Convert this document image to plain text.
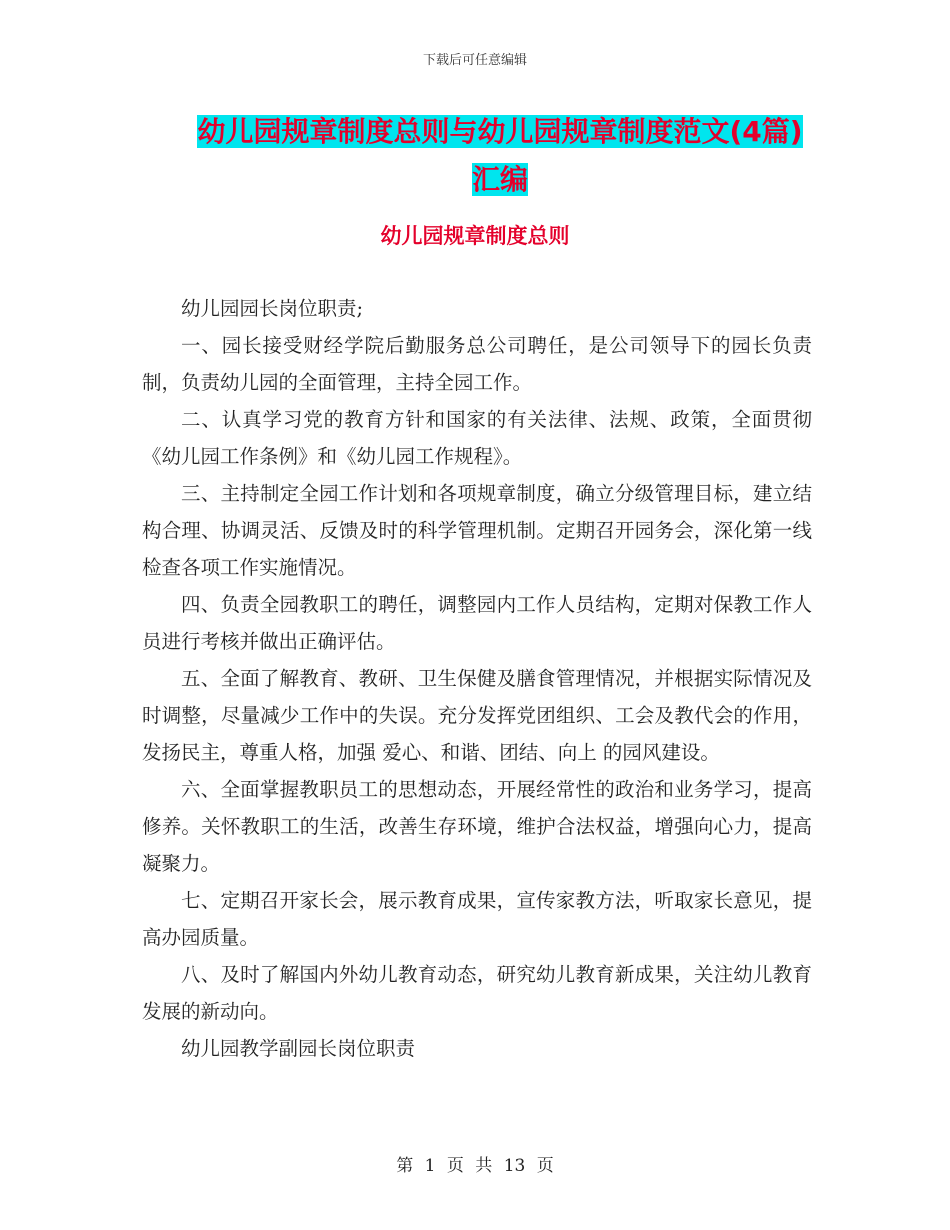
下载后可任意编辑
幼儿园规章制度总则与幼儿园规章制度范文(4篇)汇编
幼儿园规章制度总则

幼儿园园长岗位职责;

一、园长接受财经学院后勤服务总公司聘任，是公司领导下的园长负责制，负责幼儿园的全面管理，主持全园工作。

二、认真学习党的教育方针和国家的有关法律、法规、政策，全面贯彻《幼儿园工作条例》和《幼儿园工作规程》。

三、主持制定全园工作计划和各项规章制度，确立分级管理目标，建立结构合理、协调灵活、反馈及时的科学管理机制。定期召开园务会，深化第一线检查各项工作实施情况。

四、负责全园教职工的聘任，调整园内工作人员结构，定期对保教工作人员进行考核并做出正确评估。

五、全面了解教育、教研、卫生保健及膳食管理情况，并根据实际情况及时调整，尽量减少工作中的失误。充分发挥党团组织、工会及教代会的作用，发扬民主，尊重人格，加强 爱心、和谐、团结、向上 的园风建设。

六、全面掌握教职员工的思想动态，开展经常性的政治和业务学习，提高修养。关怀教职工的生活，改善生存环境，维护合法权益，增强向心力，提高凝聚力。

七、定期召开家长会，展示教育成果，宣传家教方法，听取家长意见，提高办园质量。

八、及时了解国内外幼儿教育动态，研究幼儿教育新成果，关注幼儿教育发展的新动向。

幼儿园教学副园长岗位职责

第 1 页 共 13 页
